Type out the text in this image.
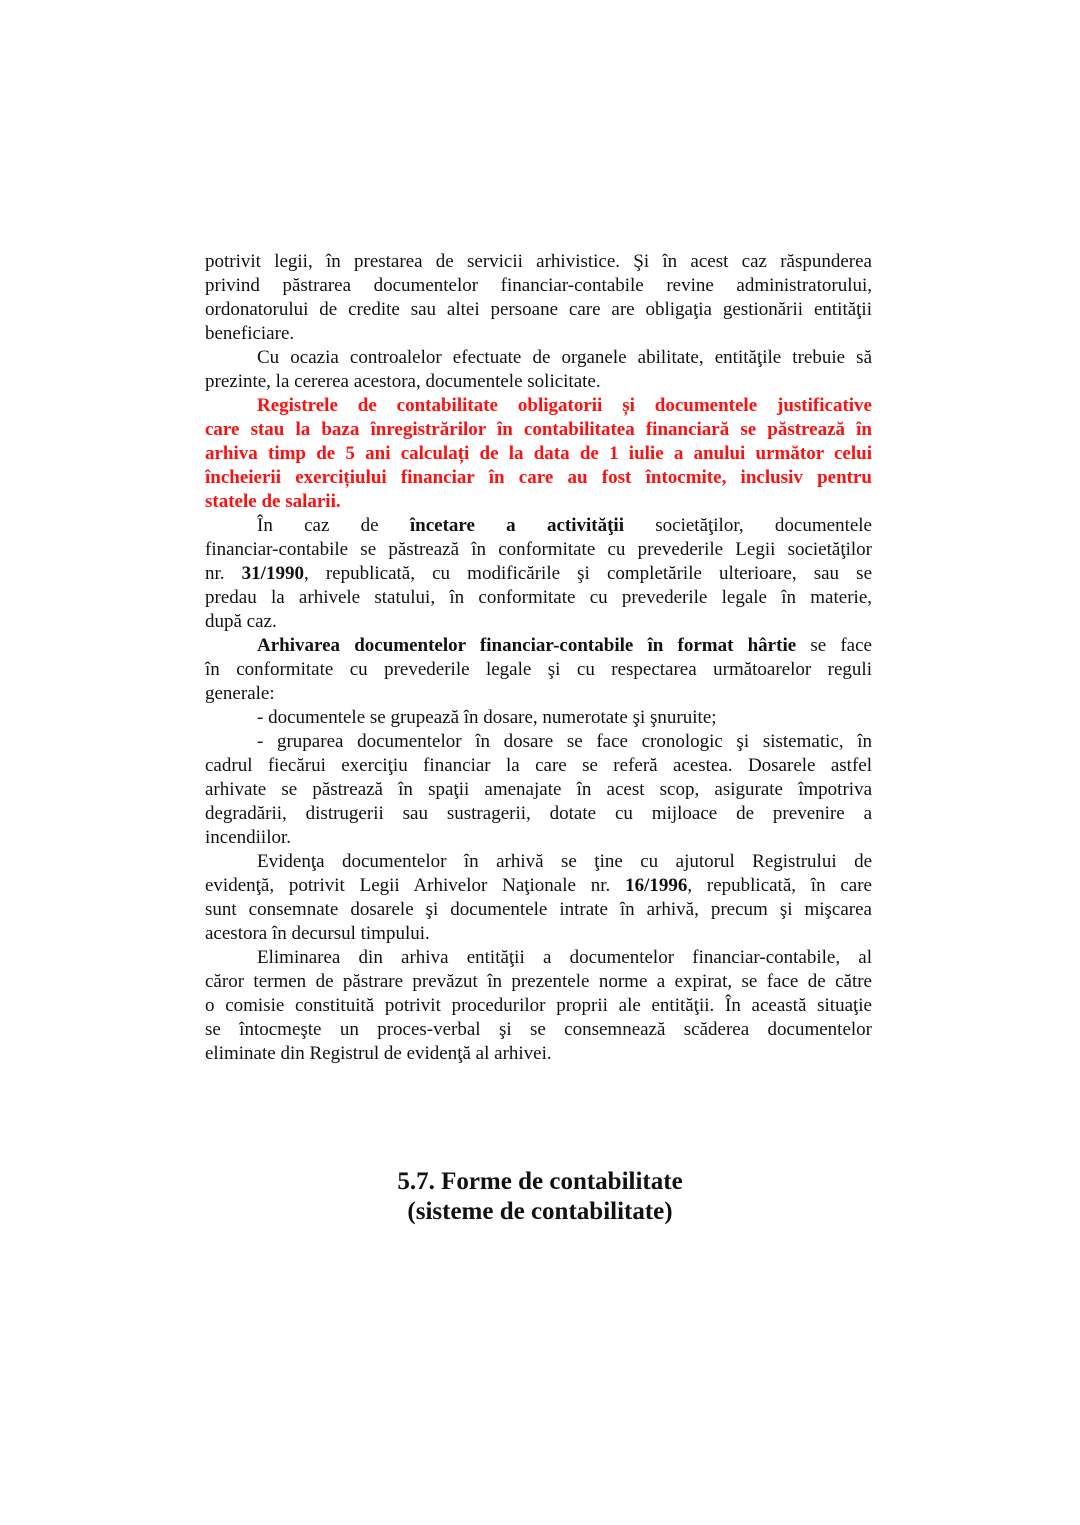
potrivit legii, în prestarea de servicii arhivistice. Şi în acest caz răspunderea
privind păstrarea documentelor financiar-contabile revine administratorului,
ordonatorului de credite sau altei persoane care are obligaţia gestionării entităţii
beneficiare.
Cu ocazia controalelor efectuate de organele abilitate, entităţile trebuie să
prezinte, la cererea acestora, documentele solicitate.
Registrele de contabilitate obligatorii și documentele justificative
care stau la baza înregistrărilor în contabilitatea financiară se păstrează în
arhiva timp de 5 ani calculați de la data de 1 iulie a anului următor celui
încheierii exercițiului financiar în care au fost întocmite, inclusiv pentru
statele de salarii.
În caz de încetare a activităţii societăţilor, documentele
financiar-contabile se păstrează în conformitate cu prevederile Legii societăţilor
nr. 31/1990, republicată, cu modificările şi completările ulterioare, sau se
predau la arhivele statului, în conformitate cu prevederile legale în materie,
după caz.
Arhivarea documentelor financiar-contabile în format hârtie se face
în conformitate cu prevederile legale şi cu respectarea următoarelor reguli
generale:
- documentele se grupează în dosare, numerotate şi şnuruite;
- gruparea documentelor în dosare se face cronologic şi sistematic, în
cadrul fiecărui exerciţiu financiar la care se referă acestea. Dosarele astfel
arhivate se păstrează în spaţii amenajate în acest scop, asigurate împotriva
degradării, distrugerii sau sustragerii, dotate cu mijloace de prevenire a
incendiilor.
Evidenţa documentelor în arhivă se ţine cu ajutorul Registrului de
evidenţă, potrivit Legii Arhivelor Naţionale nr. 16/1996, republicată, în care
sunt consemnate dosarele şi documentele intrate în arhivă, precum şi mişcarea
acestora în decursul timpului.
Eliminarea din arhiva entităţii a documentelor financiar-contabile, al
căror termen de păstrare prevăzut în prezentele norme a expirat, se face de către
o comisie constituită potrivit procedurilor proprii ale entităţii. În această situaţie
se întocmeşte un proces-verbal şi se consemnează scăderea documentelor
eliminate din Registrul de evidenţă al arhivei.
5.7. Forme de contabilitate
(sisteme de contabilitate)
